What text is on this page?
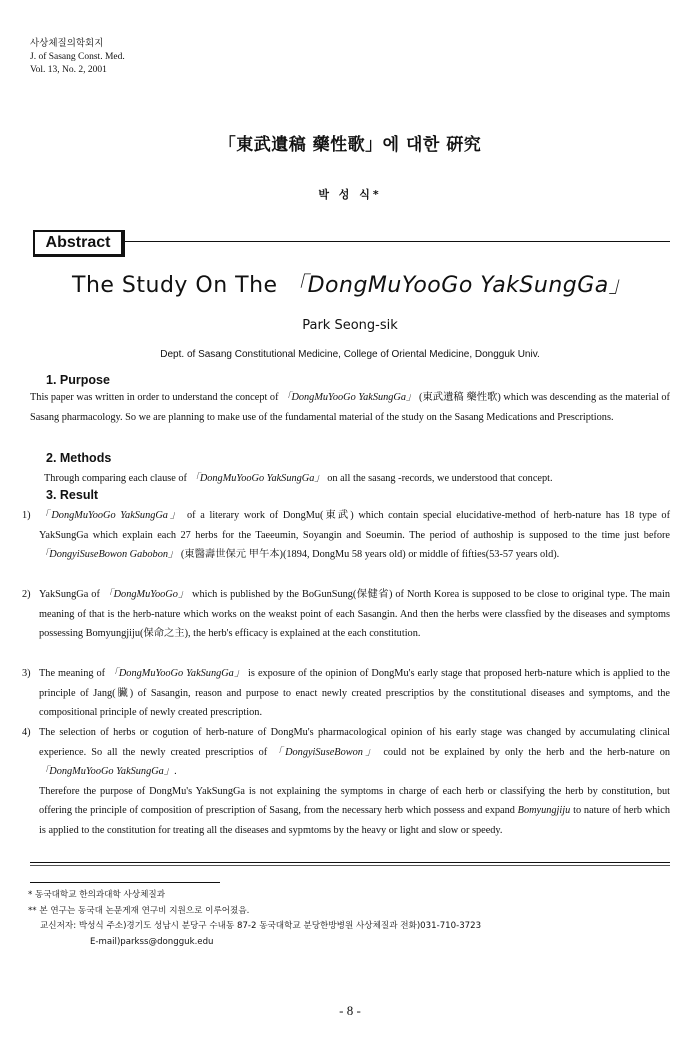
사상체질의학회지
J. of Sasang Const. Med.
Vol. 13, No. 2, 2001
「東武遺稿 藥性歌」에 대한 硏究
박 성 식*
Abstract
The Study On The 「DongMuYooGo YakSungGa」
Park Seong-sik
Dept. of Sasang Constitutional Medicine, College of Oriental Medicine, Dongguk Univ.
1. Purpose
This paper was written in order to understand the concept of 「DongMuYooGo YakSungGa」 (東武遺稿 藥性歌) which was descending as the material of Sasang pharmacology. So we are planning to make use of the fundamental material of the study on the Sasang Medications and Prescriptions.
2. Methods
Through comparing each clause of 「DongMuYooGo YakSungGa」 on all the sasang -records, we understood that concept.
3. Result
1) 「DongMuYooGo YakSungGa」 of a literary work of DongMu(東武) which contain special elucidative-method of herb-nature has 18 type of YakSungGa which explain each 27 herbs for the Taeeumin, Soyangin and Soeumin. The period of authoship is supposed to the time just before 「DongyiSuseBowon Gabobon」 (東醫壽世保元 甲午本)(1894, DongMu 58 years old) or middle of fifties(53-57 years old).
2) YakSungGa of 「DongMuYooGo」 which is published by the BoGunSung(保健省) of North Korea is supposed to be close to original type. The main meaning of that is the herb-nature which works on the weakst point of each Sasangin. And then the herbs were classfied by the diseases and symptoms possessing Bomyungjiju(保命之主), the herb's efficacy is explained at the each constitution.
3) The meaning of 「DongMuYooGo YakSungGa」 is exposure of the opinion of DongMu's early stage that proposed herb-nature which is applied to the principle of Jang(臟) of Sasangin, reason and purpose to enact newly created prescriptios by the constitutional diseases and symptoms, and the compositional principle of newly created prescription.
4) The selection of herbs or cogution of herb-nature of DongMu's pharmacological opinion of his early stage was changed by accumulating clinical experience. So all the newly created prescriptios of 「DongyiSuseBowon」 could not be explained by only the herb and the herb-nature on 「DongMuYooGo YakSungGa」.
Therefore the purpose of DongMu's YakSungGa is not explaining the symptoms in charge of each herb or classifying the herb by constitution, but offering the principle of composition of prescription of Sasang, from the necessary herb which possess and expand Bomyungjiju to nature of herb which is applied to the constitution for treating all the diseases and sypmtoms by the heavy or light and slow or speedy.
* 동국대학교 한의과대학 사상체질과
** 본 연구는 동국대 논문게재 연구비 지원으로 이루어졌음.
교신저자: 박성식 주소)경기도 성남시 분당구 수내동 87-2 동국대학교 분당한방병원 사상체질과 전화)031-710-3723
E-mail)parkss@dongguk.edu
- 8 -
